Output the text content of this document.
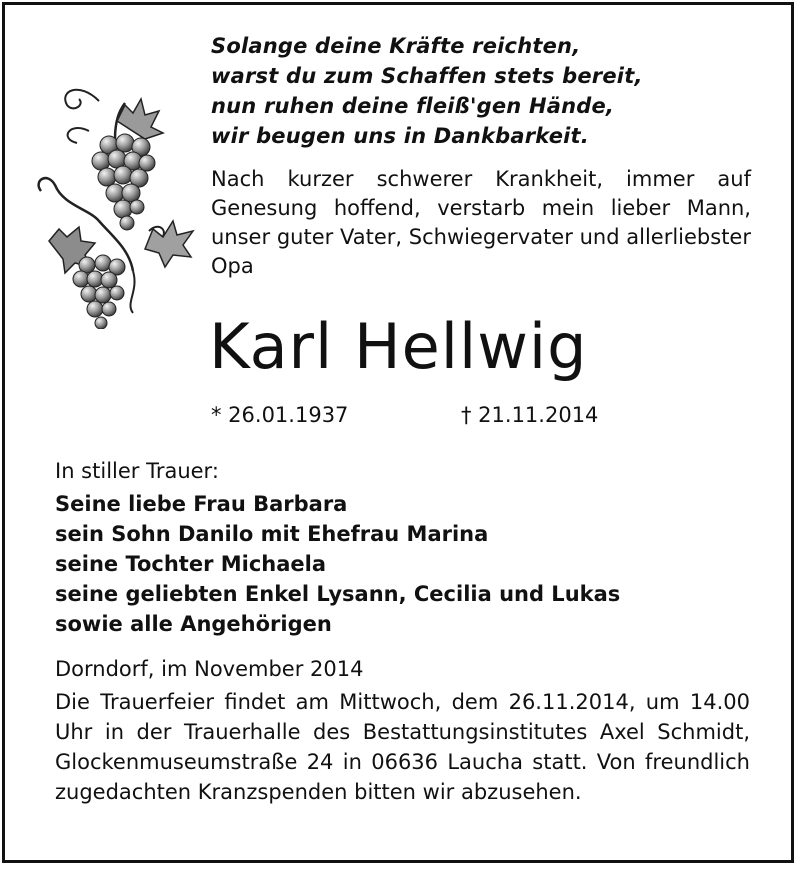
Solange deine Kräfte reichten,
warst du zum Schaffen stets bereit,
nun ruhen deine fleiß'gen Hände,
wir beugen uns in Dankbarkeit.
Nach kurzer schwerer Krankheit, immer auf Genesung hoffend, verstarb mein lieber Mann, unser guter Vater, Schwiegervater und allerliebster Opa
Karl Hellwig
* 26.01.1937	† 21.11.2014
In stiller Trauer:
Seine liebe Frau Barbara
sein Sohn Danilo mit Ehefrau Marina
seine Tochter Michaela
seine geliebten Enkel Lysann, Cecilia und Lukas
sowie alle Angehörigen
Dorndorf, im November 2014
Die Trauerfeier findet am Mittwoch, dem 26.11.2014, um 14.00 Uhr in der Trauerhalle des Bestattungsinstitutes Axel Schmidt, Glockenmuseumstraße 24 in 06636 Laucha statt. Von freundlich zugedachten Kranzspenden bitten wir abzusehen.
